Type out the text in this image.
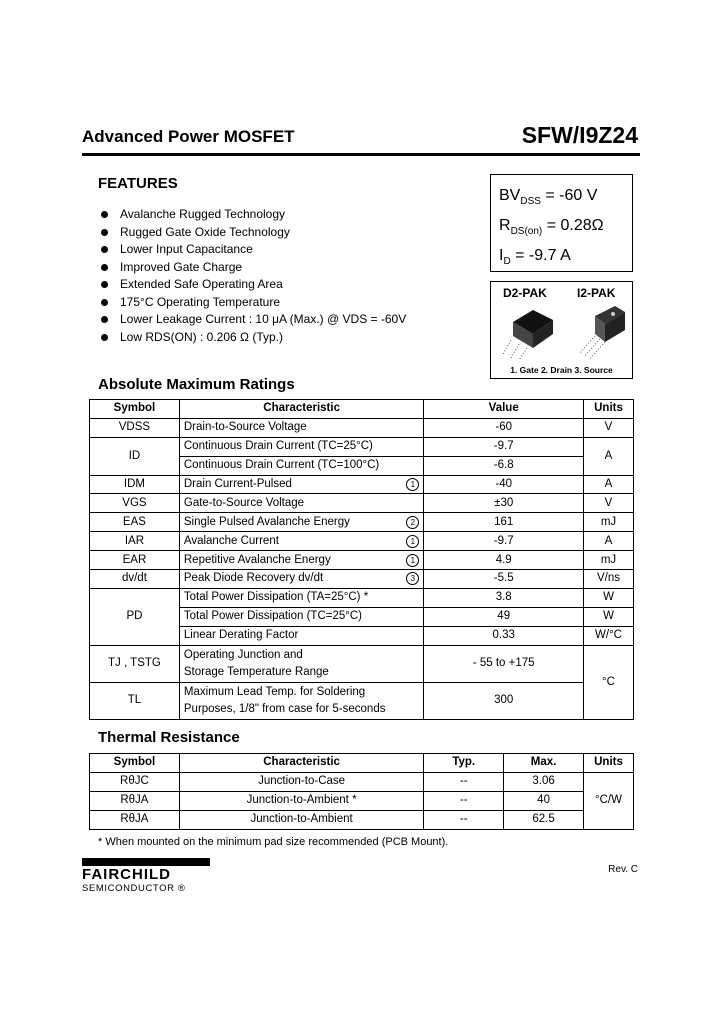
Advanced Power MOSFET	SFW/I9Z24
FEATURES
Avalanche Rugged Technology
Rugged Gate Oxide Technology
Lower Input Capacitance
Improved Gate Charge
Extended Safe Operating Area
175°C Operating Temperature
Lower Leakage Current : 10 μA (Max.) @ VDS = -60V
Low RDS(ON) : 0.206 Ω (Typ.)
$BV_{DSS} = -60$ V
$R_{DS(on)} = 0.28\Omega$
$I_D = -9.7$ A
D2-PAK	I2-PAK
1. Gate 2. Drain 3. Source
Absolute Maximum Ratings
Symbol	Characteristic	Value	Units
VDSS	Drain-to-Source Voltage	-60	V
ID	Continuous Drain Current (TC=25°C)	-9.7	A
	Continuous Drain Current (TC=100°C)	-6.8	
IDM	Drain Current-Pulsed 1	-40	A
VGS	Gate-to-Source Voltage	±30	V
EAS	Single Pulsed Avalanche Energy 2	161	mJ
IAR	Avalanche Current 1	-9.7	A
EAR	Repetitive Avalanche Energy 1	4.9	mJ
dv/dt	Peak Diode Recovery dv/dt 3	-5.5	V/ns
PD	Total Power Dissipation (TA=25°C) *	3.8	W
	Total Power Dissipation (TC=25°C)	49	W
	Linear Derating Factor	0.33	W/°C
TJ , TSTG	Operating Junction and
Storage Temperature Range	- 55 to +175	°C
TL	Maximum Lead Temp. for Soldering
Purposes, 1/8" from case for 5-seconds	300	
Thermal Resistance
Symbol	Characteristic	Typ.	Max.	Units
RθJC	Junction-to-Case	--	3.06	°C/W
RθJA	Junction-to-Ambient *	--	40	
RθJA	Junction-to-Ambient	--	62.5	
* When mounted on the minimum pad size recommended (PCB Mount).
FAIRCHILD
SEMICONDUCTOR ®
Rev. C
